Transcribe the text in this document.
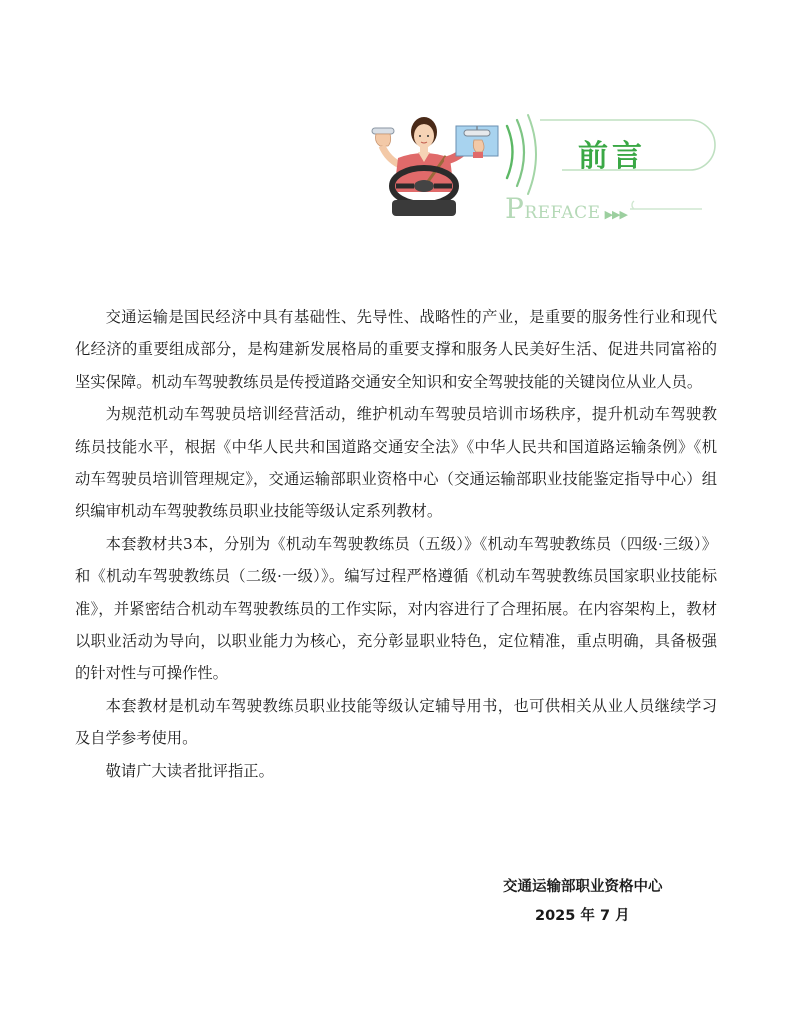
前言
PREFACE ▶▶▶

交通运输是国民经济中具有基础性、先导性、战略性的产业，是重要的服务性行业和现代化经济的重要组成部分，是构建新发展格局的重要支撑和服务人民美好生活、促进共同富裕的坚实保障。机动车驾驶教练员是传授道路交通安全知识和安全驾驶技能的关键岗位从业人员。

为规范机动车驾驶员培训经营活动，维护机动车驾驶员培训市场秩序，提升机动车驾驶教练员技能水平，根据《中华人民共和国道路交通安全法》《中华人民共和国道路运输条例》《机动车驾驶员培训管理规定》，交通运输部职业资格中心（交通运输部职业技能鉴定指导中心）组织编审机动车驾驶教练员职业技能等级认定系列教材。

本套教材共3本，分别为《机动车驾驶教练员（五级）》《机动车驾驶教练员（四级·三级）》和《机动车驾驶教练员（二级·一级）》。编写过程严格遵循《机动车驾驶教练员国家职业技能标准》，并紧密结合机动车驾驶教练员的工作实际，对内容进行了合理拓展。在内容架构上，教材以职业活动为导向，以职业能力为核心，充分彰显职业特色，定位精准，重点明确，具备极强的针对性与可操作性。

本套教材是机动车驾驶教练员职业技能等级认定辅导用书，也可供相关从业人员继续学习及自学参考使用。

敬请广大读者批评指正。

交通运输部职业资格中心
2025 年 7 月
